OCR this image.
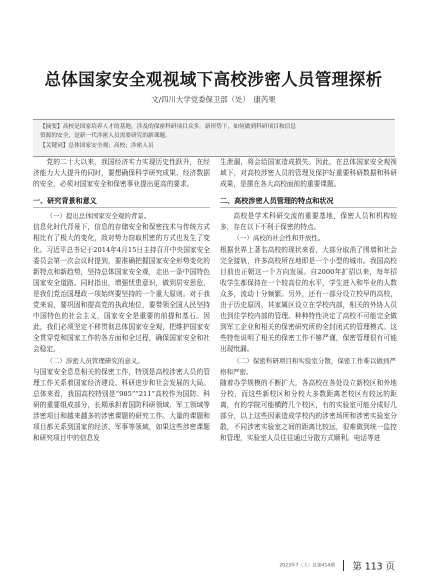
总体国家安全观视域下高校涉密人员管理探析
文/四川大学党委保卫部（处）　康芮果
【摘要】高校是国家培养人才的基地，涉及的保密科研项目众多。新形势下，如何做到科研项目和信息
资源的安全，是新一代涉密人员需要研究的新课题。
【关键词】总体国家安全观；高校；涉密人员

党的二十大以来，我国经济实力实现历史性跃升，在经济能力大大提升的同时，要想确保科学研究成果、经济数据的安全，必须对国家安全和保密事业提出更高的要求。

一、研究背景和意义

（一）提出总体国家安全观的背景。

信息化时代背景下，信息的存储安全和保密技术与传统方式相比有了极大的变化，敌对势力窃取机密的方式也发生了变化。习近平总书记于2014年4月15日主持召开中央国家安全委员会第一次会议时提到，要准确把握国家安全形势变化的新特点和新趋势，坚持总体国家安全观，走出一条中国特色国家安全道路。同时指出，增强忧患意识，做到居安思危，是我们党治国理政一项始终要坚持的一个重大原则。对于我党来说，要巩固和提高党的执政地位，要带领全国人民坚持中国特色的社会主义，国家安全是重要的前提和基石。因此，我们必须坚定不移贯彻总体国家安全观，把维护国家安全贯穿党和国家工作的各方面和全过程，确保国家安全和社会稳定。

（二）涉密人员管理研究的意义。

与国家安全息息相关的保密工作，特别是高校涉密人员的管理工作关系着国家经济建设、科研进步和社会发展的大局。总体来看，我国高校特别是“985”“211”高校作为国防、科研的重要组成部分，长期承担着国防科研领域、军工领域等涉密项目和越来越多的涉密课题的研究工作。大量的课题和项目都关系到国家的经济、军事等领域，如果这些涉密课题和研究项目中的信息发

生泄漏，将会给国家造成损失。因此，在总体国家安全观视域下，对高校涉密人员的管理及保护好重要科研数据和科研成果，是摆在各大高校面前的重要课题。

二、高校涉密人员管理的特点和状况

高校是学术科研交流的重要基地，保密人员和机构较多，存在以下不利于保密的特点。

（一）高校的社会性和开放性。

根据世界上著名高校的现状来看，大部分取消了围墙和社会完全接轨，许多高校所在地即是一个小型的城市。我国高校目前也正朝这一个方向发展。自2000年扩招以来，每年招收学生都保持在一个较高位的水平，学生进入和毕业的人数众多，流动十分频繁。另外，还有一部分设立校早的高校，由于历史原因，其家属区设立在学校内部，相关的外协人员也到往学校内部的管理。种种特性决定了高校不可能完全做到军工企业和相关的保密研究所的全封闭式的管理模式。这些特性说明了相关的保密工作不够严谨，保密管理很有可能出现纰漏。

（二）保密科研项目和实验室分散，保密工作难以做到严格和严密。

随着办学规模的不断扩大，各高校在各处设立新校区和外地分校，而这些新校区和分校大多数距离老校区有较远的距离，有的学院可能横跨几个校区，有的实验室可能分成好几部分，以上这些因素造成学校内的涉密场所和涉密实验室分散，不同涉密实验室之间的距离比较远，很难做到统一监控和管理，实验室人员往往通过分散方式顺利。电话等进

2023年7（上）总第414期 第 113 页
